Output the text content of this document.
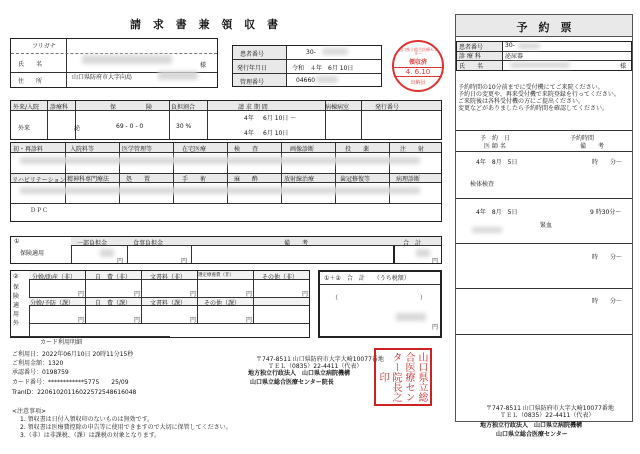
請 求 書 兼 領 収 書
フリガナ
氏　　名	様
住　　所
山口県防府市大字向島
患者番号	30-
発行年月日	令和　４年　6月 10日
管理番号	04660
山口県立総合医療センター
領収済
4. 6.10
出納員
外来/入院 診療科	保	険	負担割合	請 求 期 間	病棟病室	発行番号
外来	泌	69 - 0 - 0	30 %
4年 6月 10日 ～
4年 6月 10日
初・再診料	入院料等	医学管理等	在宅医療	検　　査	画像診断	投　　薬	注　　射
リハビリテーション 精神科専門療法	処　　置	手　　術	麻　　酔	放射線治療	歯冠修復等	病理診断
ＤＰＣ
①
保険適用
一部負担金	食事負担金	備　　考	合　計
円	円	円
②
保険適用外
分娩/助産（非）	自　費（非）	文書料（非）	選定療養費（非）	その他（非）
分娩/予防（課）	自　費（課）	文書料（課）	その他（課）
円	円	円	円	円
円	円	円	円
①＋②　合　計　　（うち税額）
（	）
円
カード利用明細
ご利用日：2022年06月10日 20時11分15秒
ご利用金額：1320
承認番号：0198759
カード番号：************5775　　25/09
TranID：22061020116022572548616048
〒747-8511 山口県防府市大字大崎10077番地
ＴＥＬ（0835）22-4411（代表）
地方独立行政法人　山口県立病院機構
山口県立総合医療センター院長	山口県立総合医療センター院長之印
<注意事項>
1. 領収書は日付入領収印のないものは無効です。
2. 領収書は医療費控除の申告等に使用できますので大切に保管してください。
3.（非）は非課税、（課）は課税の対象となります。
予　約　票
患者番号	30-
診 療 科	泌尿器
氏　　名	様
予約時間の10分前までに受付機にてご来院ください。
予約日の変更や、再来受付機で来院登録を行ってください。
ご来院後は各科受付機の方にご提出ください。
変更などがありましたら予約時間を確認してください。
予　約　日
医 師 名
予約時間
備　　考
4年　8月　5日	時　　分～
検体検査
4年　8月　5日	9 時30分～
緊血
時　　分～
時　　分～
〒747-8511 山口県防府市大字大崎10077番地
ＴＥＬ（0835）22-4411（代表）
地方独立行政法人　山口県立病院機構
山口県立総合医療センター
